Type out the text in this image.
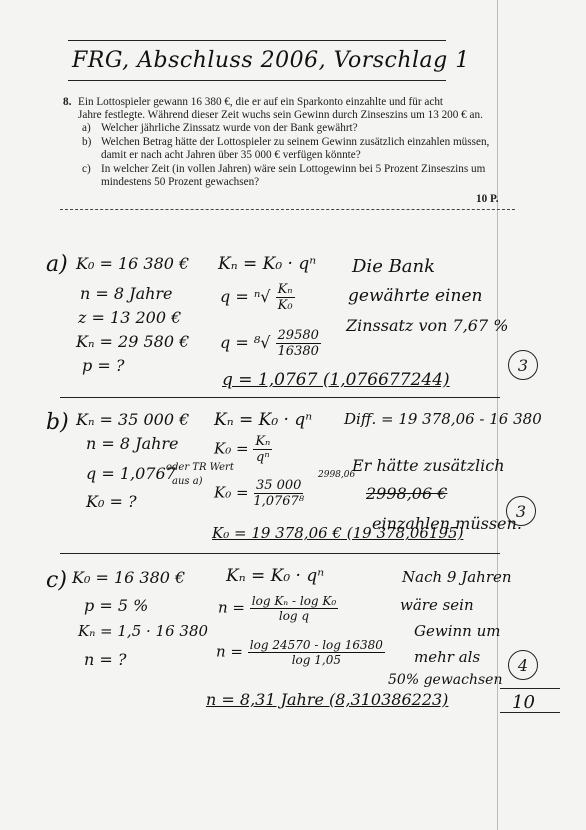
FRG, Abschluss 2006, Vorschlag 1
8. Ein Lottospieler gewann 16 380 €, die er auf ein Sparkonto einzahlte und für acht
Jahre festlegte. Während dieser Zeit wuchs sein Gewinn durch Zinseszins um 13 200 € an.
a) Welcher jährliche Zinssatz wurde von der Bank gewährt?
b) Welchen Betrag hätte der Lottospieler zu seinem Gewinn zusätzlich einzahlen müssen,
damit er nach acht Jahren über 35 000 € verfügen könnte?
c) In welcher Zeit (in vollen Jahren) wäre sein Lottogewinn bei 5 Prozent Zinseszins um
mindestens 50 Prozent gewachsen?
10 P.
a) K₀ = 16 380 €
n = 8 Jahre
z = 13 200 €
Kₙ = 29 580 €
p = ?
Kₙ = K₀ · qⁿ
$q = ^n√ \frac{\text{Kₙ}}{\text{K₀}}$
$q = ^8√ \frac{29580}{16380}$
q = 1,0767 (1,076677244)
Die Bank
gewährte einen
Zinssatz von 7,67 %
3
b) Kₙ = 35 000 €
n = 8 Jahre
q = 1,0767
oder TR Wert
aus a)
K₀ = ?
Kₙ = K₀ · qⁿ
$K_0 = \frac{\text{Kₙ}}{\text{qⁿ}}$
$K_0 = \frac{35 000}{\text{1,0767⁸}}$
K₀ = 19 378,06 € (19 378,06195)
Diff. = 19 378,06 - 16 380
2998,06
Er hätte zusätzlich
2998,06 €
einzahlen müssen.
3
c) K₀ = 16 380 €
p = 5 %
Kₙ = 1,5 · 16 380
n = ?
Kₙ = K₀ · qⁿ
$n = \frac{\text{log Kₙ - log K₀}}{\text{log q}}$
$n = \frac{\log 24570 - \log 16380}{\log 1,05}$
n = 8,31 Jahre (8,310386223)
Nach 9 Jahren
wäre sein
Gewinn um
mehr als
50% gewachsen
4
10
